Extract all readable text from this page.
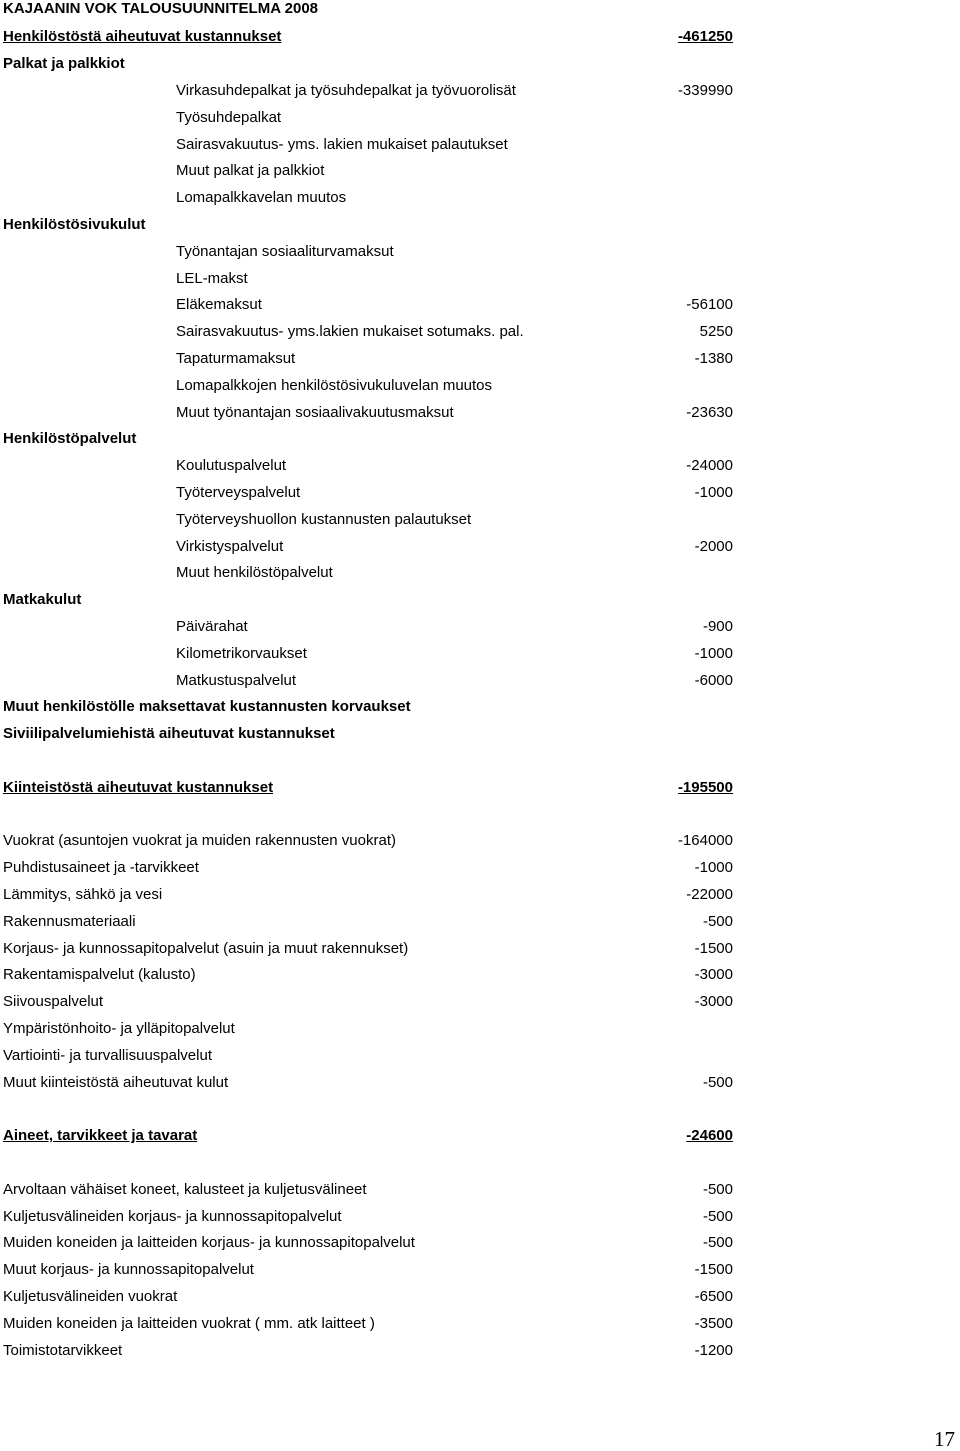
KAJAANIN VOK TALOUSUUNNITELMA 2008
Henkilöstöstä aiheutuvat kustannukset	-461250
Palkat ja palkkiot
Virkasuhdepalkat ja työsuhdepalkat ja työvuorolisät	-339990
Työsuhdepalkat
Sairasvakuutus- yms. lakien mukaiset palautukset
Muut palkat ja palkkiot
Lomapalkkavelan muutos
Henkilöstösivukulut
Työnantajan sosiaaliturvamaksut
LEL-makst
Eläkemaksut	-56100
Sairasvakuutus- yms.lakien mukaiset sotumaks. pal.	5250
Tapaturmamaksut	-1380
Lomapalkkojen henkilöstösivukuluvelan muutos
Muut työnantajan sosiaalivakuutusmaksut	-23630
Henkilöstöpalvelut
Koulutuspalvelut	-24000
Työterveyspalvelut	-1000
Työterveyshuollon kustannusten palautukset
Virkistyspalvelut	-2000
Muut henkilöstöpalvelut
Matkakulut
Päivärahat	-900
Kilometrikorvaukset	-1000
Matkustuspalvelut	-6000
Muut henkilöstölle maksettavat kustannusten korvaukset
Siviilipalvelumiehistä aiheutuvat kustannukset
Kiinteistöstä aiheutuvat kustannukset	-195500
Vuokrat (asuntojen vuokrat ja muiden rakennusten vuokrat)	-164000
Puhdistusaineet ja -tarvikkeet	-1000
Lämmitys, sähkö ja vesi	-22000
Rakennusmateriaali	-500
Korjaus- ja kunnossapitopalvelut (asuin ja muut rakennukset)	-1500
Rakentamispalvelut (kalusto)	-3000
Siivouspalvelut	-3000
Ympäristönhoito- ja ylläpitopalvelut
Vartiointi- ja turvallisuuspalvelut
Muut kiinteistöstä aiheutuvat kulut	-500
Aineet, tarvikkeet ja tavarat	-24600
Arvoltaan vähäiset koneet, kalusteet ja kuljetusvälineet	-500
Kuljetusvälineiden korjaus- ja kunnossapitopalvelut	-500
Muiden koneiden ja laitteiden korjaus- ja kunnossapitopalvelut	-500
Muut korjaus- ja kunnossapitopalvelut	-1500
Kuljetusvälineiden vuokrat	-6500
Muiden koneiden ja laitteiden vuokrat ( mm. atk laitteet )	-3500
Toimistotarvikkeet	-1200
17
